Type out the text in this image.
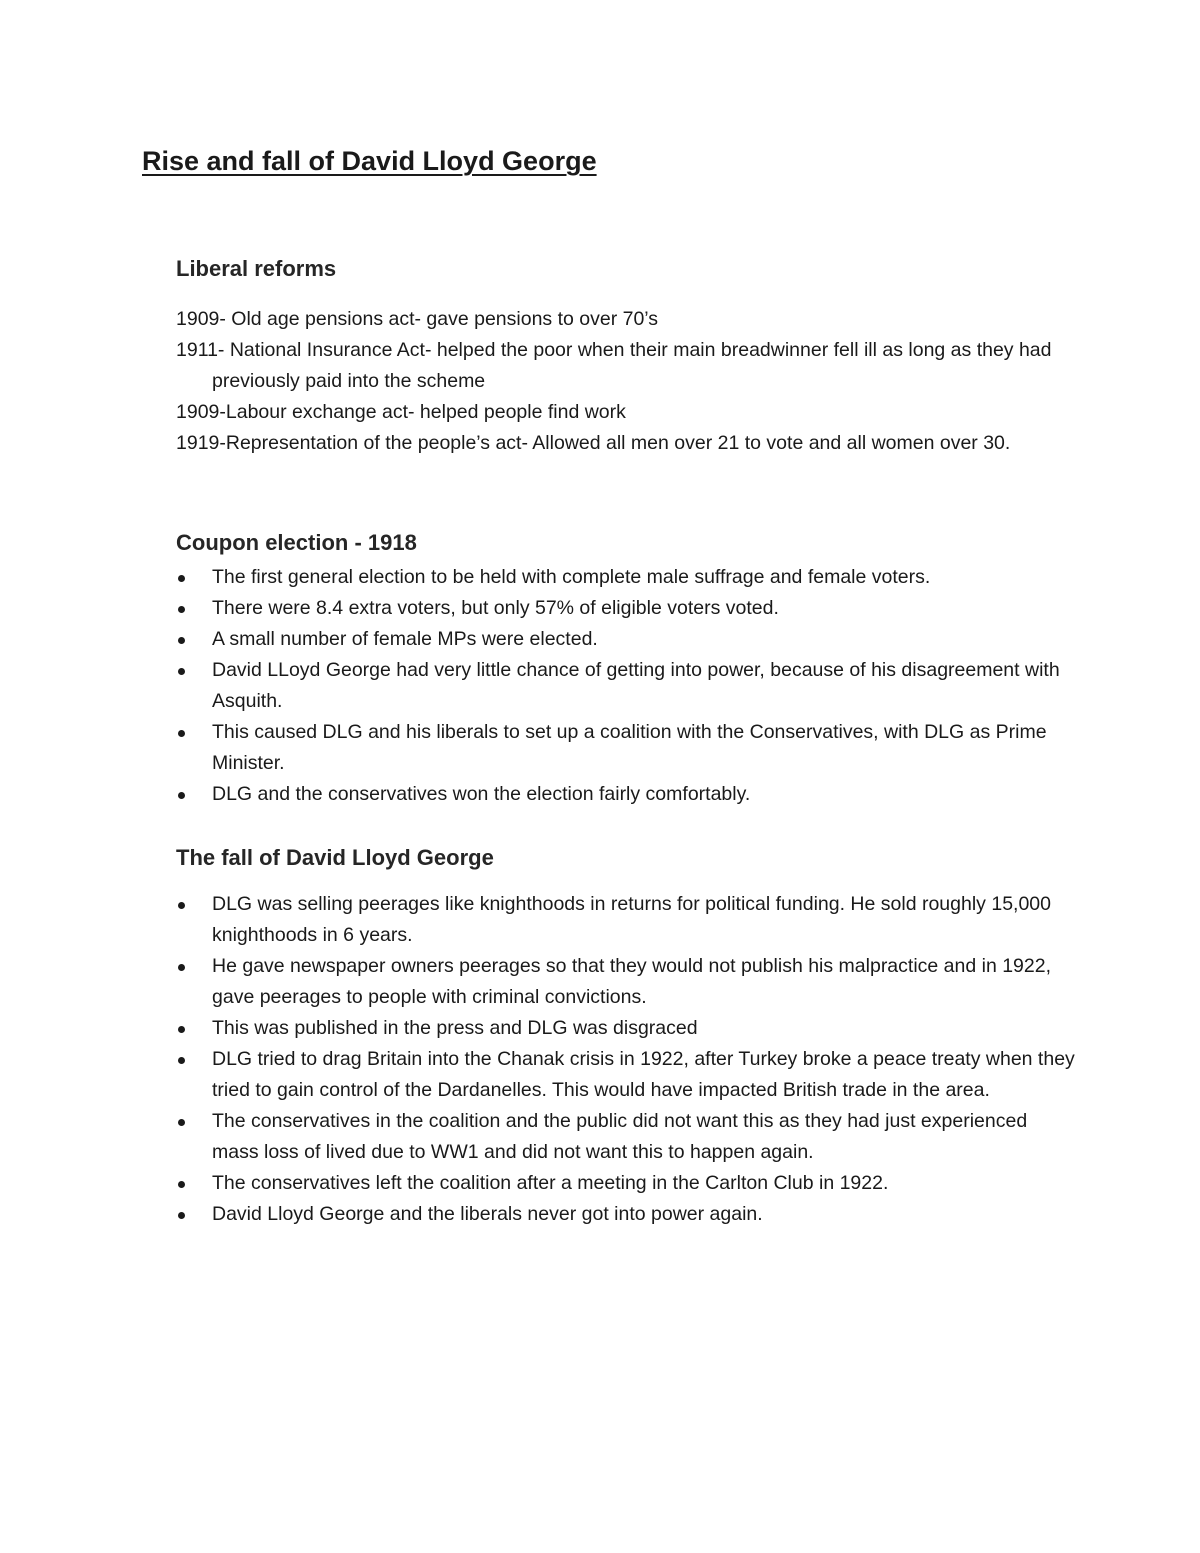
Rise and fall of David Lloyd George
Liberal reforms
1909- Old age pensions act- gave pensions to over 70’s
1911- National Insurance Act- helped the poor when their main breadwinner fell ill as long as they had previously paid into the scheme
1909-Labour exchange act- helped people find work
1919-Representation of the people’s act- Allowed all men over 21 to vote and all women over 30.
Coupon election - 1918
The first general election to be held with complete male suffrage and female voters.
There were 8.4 extra voters, but only 57% of eligible voters voted.
A small number of female MPs were elected.
David LLoyd George had very little chance of getting into power, because of his disagreement with Asquith.
This caused DLG and his liberals to set up a coalition with the Conservatives, with DLG as Prime Minister.
DLG and the conservatives won the election fairly comfortably.
The fall of David Lloyd George
DLG was selling peerages like knighthoods in returns for political funding. He sold roughly 15,000 knighthoods in 6 years.
He gave newspaper owners peerages so that they would not publish his malpractice and in 1922, gave peerages to people with criminal convictions.
This was published in the press and DLG was disgraced
DLG tried to drag Britain into the Chanak crisis in 1922, after Turkey broke a peace treaty when they tried to gain control of the Dardanelles. This would have impacted British trade in the area.
The conservatives in the coalition and the public did not want this as they had just experienced mass loss of lived due to WW1 and did not want this to happen again.
The conservatives left the coalition after a meeting in the Carlton Club in 1922.
David Lloyd George and the liberals never got into power again.
